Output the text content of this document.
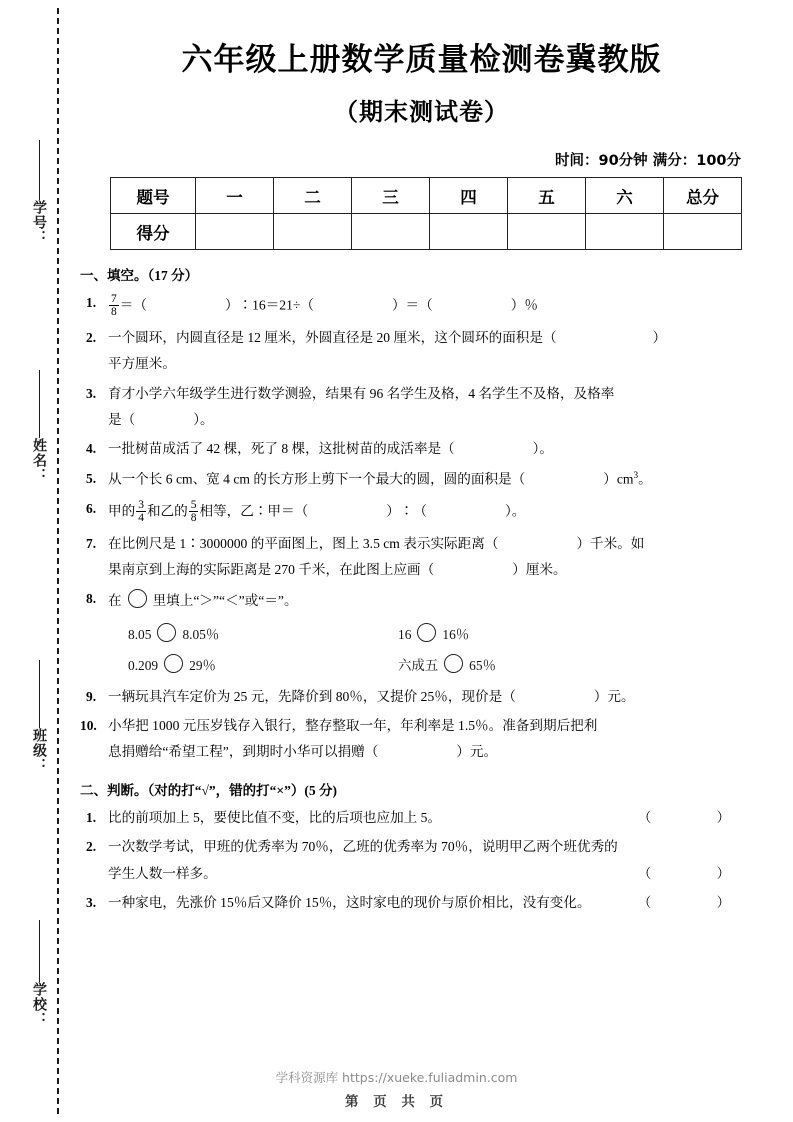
学号：
姓名：
班级：
学校：
六年级上册数学质量检测卷冀教版
（期末测试卷）
时间：90分钟 满分：100分
题号	一	二	三	四	五	六	总分
得分							
一、填空。（17 分）
1. $\frac{7}{8}$ ＝（	）∶16＝21÷（	）＝（	）％
2. 一个圆环，内圆直径是 12 厘米，外圆直径是 20 厘米，这个圆环的面积是（	）
平方厘米。
3. 育才小学六年级学生进行数学测验，结果有 96 名学生及格，4 名学生不及格，及格率
是（	）。
4. 一批树苗成活了 42 棵，死了 8 棵，这批树苗的成活率是（	）。
5. 从一个长 6 cm、宽 4 cm 的长方形上剪下一个最大的圆，圆的面积是（	）$cm^3$。
6. 甲的 $\frac{3}{4}$ 和乙的 $\frac{5}{8}$ 相等，乙∶甲＝（	）∶（	）。
7. 在比例尺是 1∶3000000 的平面图上，图上 3.5 cm 表示实际距离（	）千米。如
果南京到上海的实际距离是 270 千米，在此图上应画（	）厘米。
8. 在 里填上“＞”“＜”或“＝”。
8.05 8.05％	16 16％
0.209 29％	六成五 65％
9. 一辆玩具汽车定价为 25 元，先降价到 80％，又提价 25％，现价是（	）元。
10. 小华把 1000 元压岁钱存入银行，整存整取一年，年利率是 1.5％。准备到期后把利
息捐赠给“希望工程”，到期时小华可以捐赠（	）元。
二、判断。（对的打“√”，错的打“×”）(5 分)
1.	（　）
比的前项加上 5，要使比值不变，比的后项也应加上 5。
2. 一次数学考试，甲班的优秀率为 70％，乙班的优秀率为 70％，说明甲乙两个班优秀的
（　）
学生人数一样多。
3.	（　）
一种家电，先涨价 15％后又降价 15％，这时家电的现价与原价相比，没有变化。
学科资源库 https://xueke.fuliadmin.com
第 页 共 页
